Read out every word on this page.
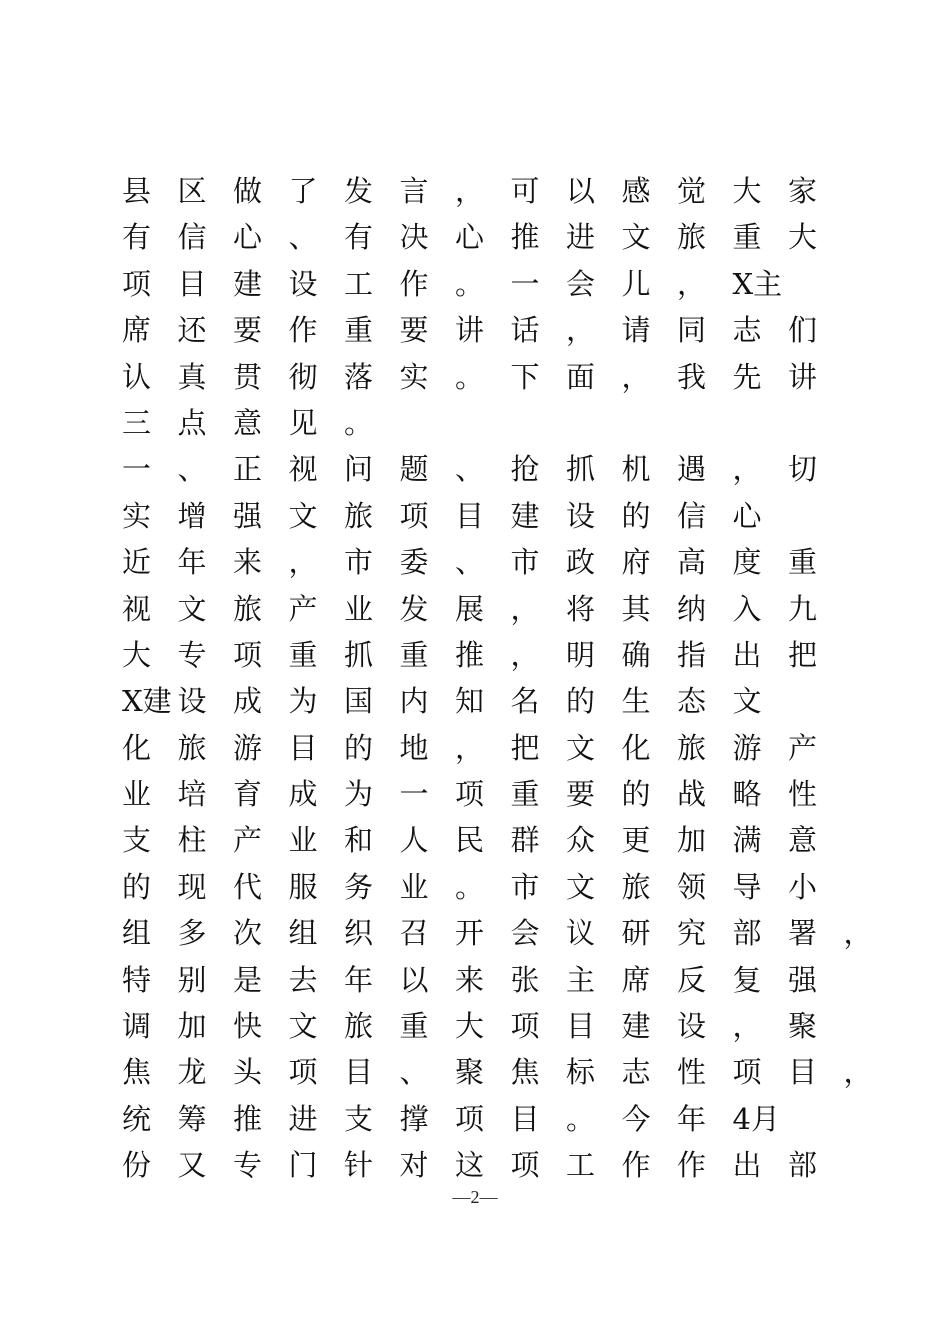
县 区 做 了 发 言 ， 可 以 感 觉 大 家
有 信 心 、 有 决 心 推 进 文 旅 重 大
项 目 建 设 工 作 。 一 会 儿 ， X主
席 还 要 作 重 要 讲 话 ， 请 同 志 们
认 真 贯 彻 落 实 。 下 面 ， 我 先 讲
三 点 意 见 。
一 、 正 视 问 题 、 抢 抓 机 遇 ， 切
实 增 强 文 旅 项 目 建 设 的 信 心
近 年 来 ， 市 委 、 市 政 府 高 度 重
视 文 旅 产 业 发 展 ， 将 其 纳 入 九
大 专 项 重 抓 重 推 ， 明 确 指 出 把
X建 设 成 为 国 内 知 名 的 生 态 文
化 旅 游 目 的 地 ， 把 文 化 旅 游 产
业 培 育 成 为 一 项 重 要 的 战 略 性
支 柱 产 业 和 人 民 群 众 更 加 满 意
的 现 代 服 务 业 。 市 文 旅 领 导 小
组 多 次 组 织 召 开 会 议 研 究 部 署 ，
特 别 是 去 年 以 来 张 主 席 反 复 强
调 加 快 文 旅 重 大 项 目 建 设 ， 聚
焦 龙 头 项 目 、 聚 焦 标 志 性 项 目 ，
统 筹 推 进 支 撑 项 目 。 今 年 4月
份 又 专 门 针 对 这 项 工 作 作 出 部
—2—
